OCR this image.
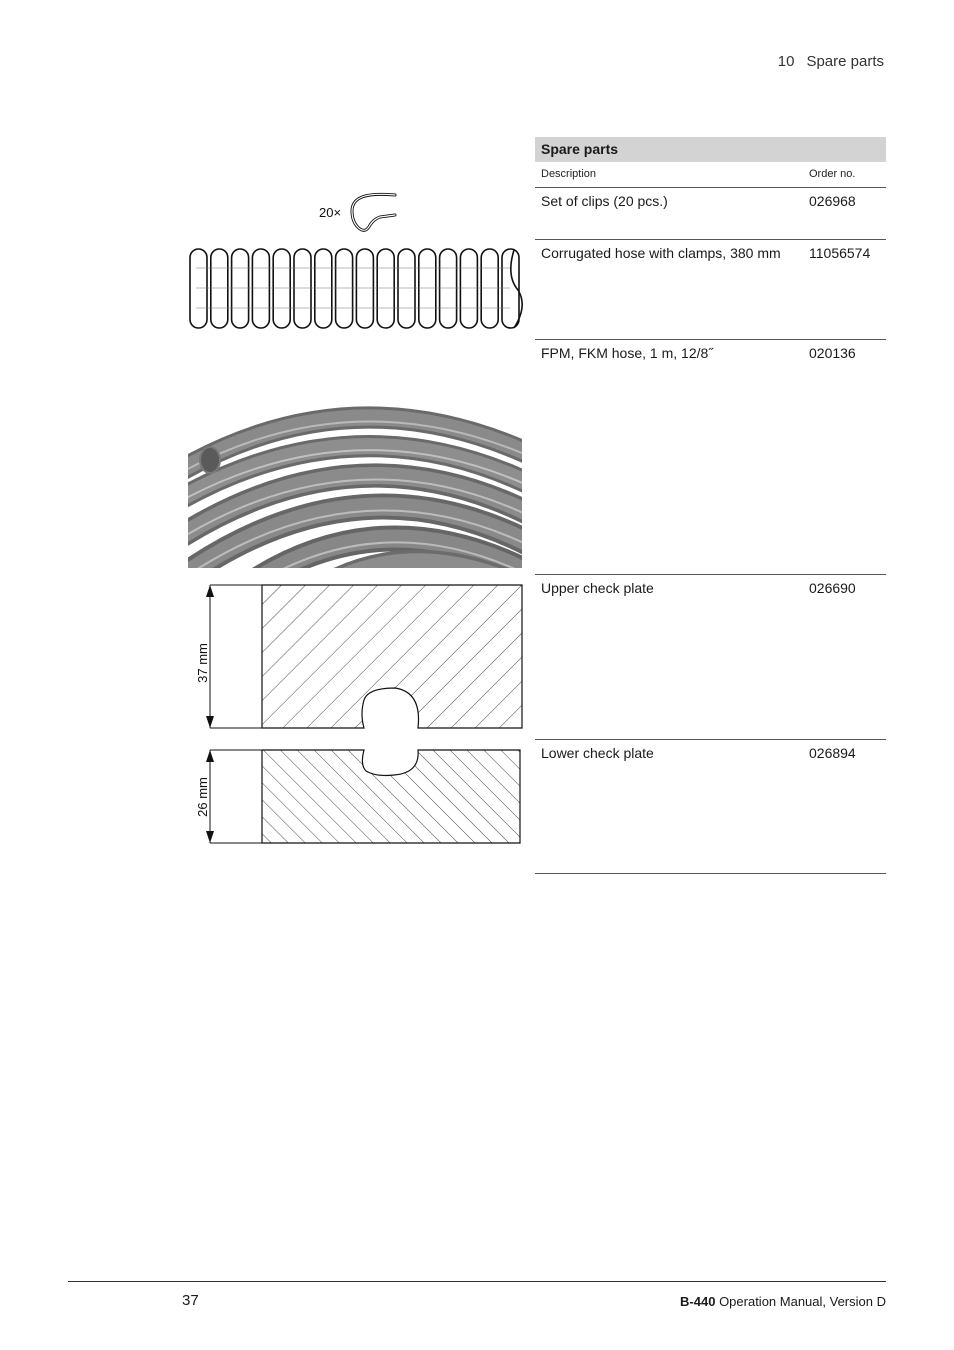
10 Spare parts
Spare parts
Description	Order no.
Set of clips (20 pcs.)	026968
Corrugated hose with clamps, 380 mm 11056574
FPM, FKM hose, 1 m, 12/8˝	020136
Upper check plate	026690
Lower check plate	026894
20×
37 mm
26 mm
37	B-440 Operation Manual, Version D
